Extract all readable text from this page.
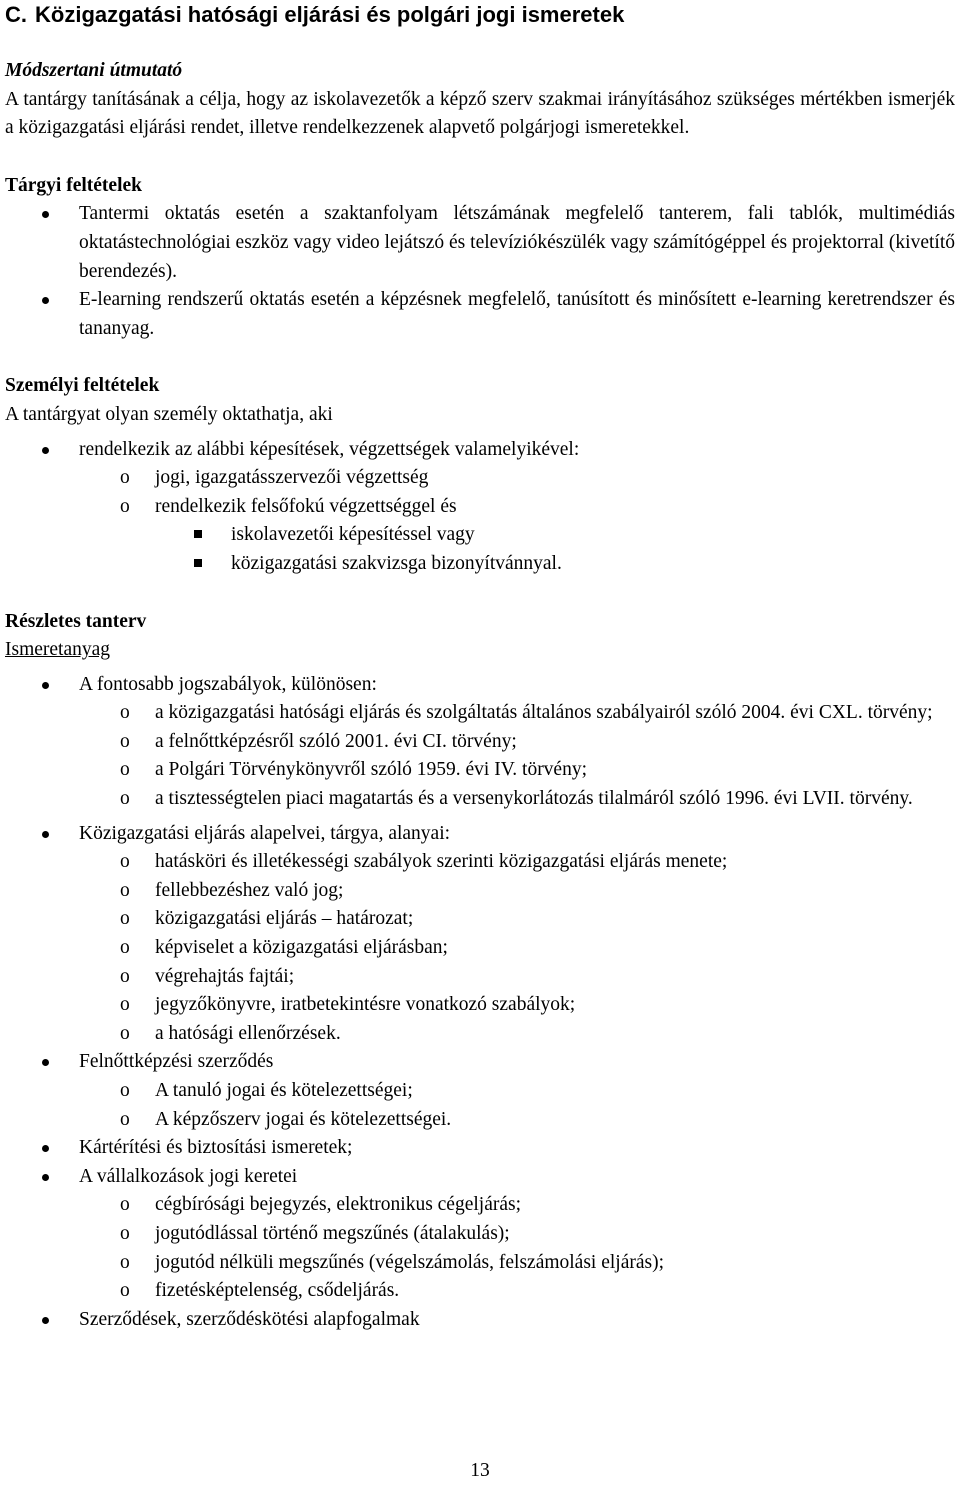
C. Közigazgatási hatósági eljárási és polgári jogi ismeretek
Módszertani útmutató

A tantárgy tanításának a célja, hogy az iskolavezetők a képző szerv szakmai irányításához szükséges mértékben ismerjék a közigazgatási eljárási rendet, illetve rendelkezzenek alapvető polgárjogi ismeretekkel.

Tárgyi feltételek
Tantermi oktatás esetén a szaktanfolyam létszámának megfelelő tanterem, fali tablók, multimédiás oktatástechnológiai eszköz vagy video lejátszó és televíziókészülék vagy számítógéppel és projektorral (kivetítő berendezés).
E-learning rendszerű oktatás esetén a képzésnek megfelelő, tanúsított és minősített e-learning keretrendszer és tananyag.
Személyi feltételek

A tantárgyat olyan személy oktathatja, aki

rendelkezik az alábbi képesítések, végzettségek valamelyikével:
o jogi, igazgatásszervezői végzettség
o rendelkezik felsőfokú végzettséggel és
iskolavezetői képesítéssel vagy
közigazgatási szakvizsga bizonyítvánnyal.
Részletes tanterv

Ismeretanyag

A fontosabb jogszabályok, különösen:
o a közigazgatási hatósági eljárás és szolgáltatás általános szabályairól szóló 2004. évi CXL. törvény;
o a felnőttképzésről szóló 2001. évi CI. törvény;
o a Polgári Törvénykönyvről szóló 1959. évi IV. törvény;
o a tisztességtelen piaci magatartás és a versenykorlátozás tilalmáról szóló 1996. évi LVII. törvény.
Közigazgatási eljárás alapelvei, tárgya, alanyai:
o hatásköri és illetékességi szabályok szerinti közigazgatási eljárás menete;
o fellebbezéshez való jog;
o közigazgatási eljárás – határozat;
o képviselet a közigazgatási eljárásban;
o végrehajtás fajtái;
o jegyzőkönyvre, iratbetekintésre vonatkozó szabályok;
o a hatósági ellenőrzések.
Felnőttképzési szerződés
o A tanuló jogai és kötelezettségei;
o A képzőszerv jogai és kötelezettségei.
Kártérítési és biztosítási ismeretek;
A vállalkozások jogi keretei
o cégbírósági bejegyzés, elektronikus cégeljárás;
o jogutódlással történő megszűnés (átalakulás);
o jogutód nélküli megszűnés (végelszámolás, felszámolási eljárás);
o fizetésképtelenség, csődeljárás.
Szerződések, szerződéskötési alapfogalmak
13
